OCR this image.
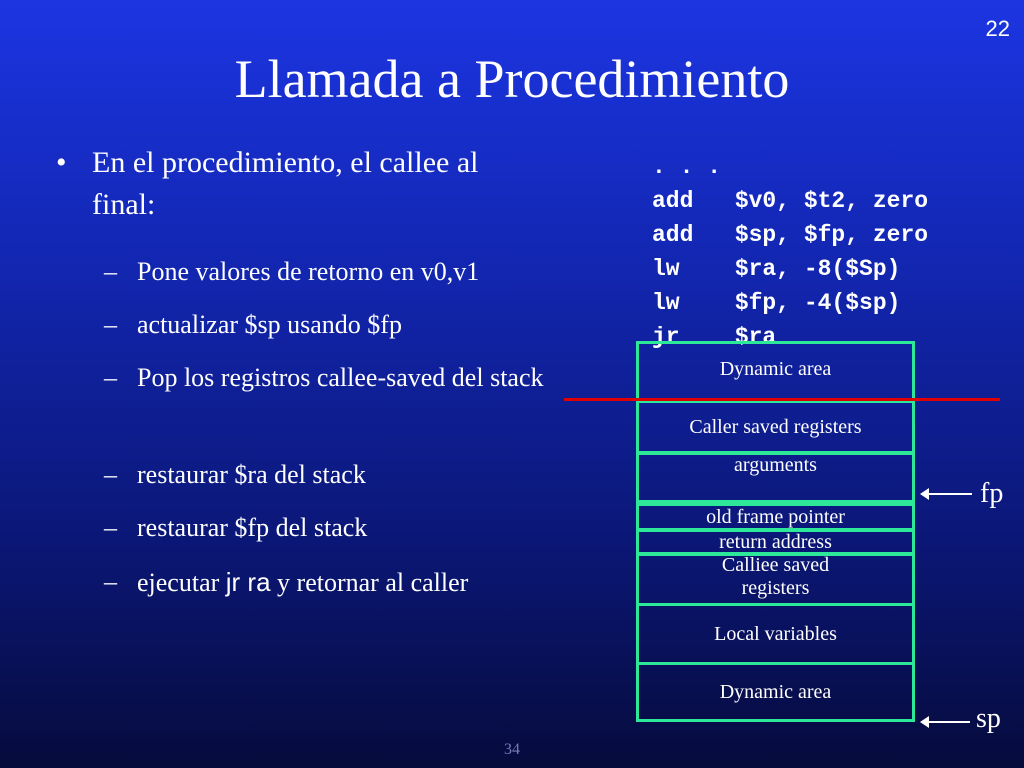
22
Llamada a Procedimiento
• En el procedimiento, el callee al final:
– Pone valores de retorno en v0,v1
– actualizar $sp usando $fp
– Pop los registros callee-saved del stack
– restaurar $ra del stack
– restaurar $fp del stack
– ejecutar jr ra y retornar al caller
. . .
add   $v0, $t2, zero
add   $sp, $fp, zero
lw    $ra, -8($Sp)
lw    $fp, -4($sp)
jr    $ra
Dynamic area
Caller saved registers
arguments
old frame pointer
return address
Calliee saved registers
Local variables
Dynamic area
fp
sp
34
